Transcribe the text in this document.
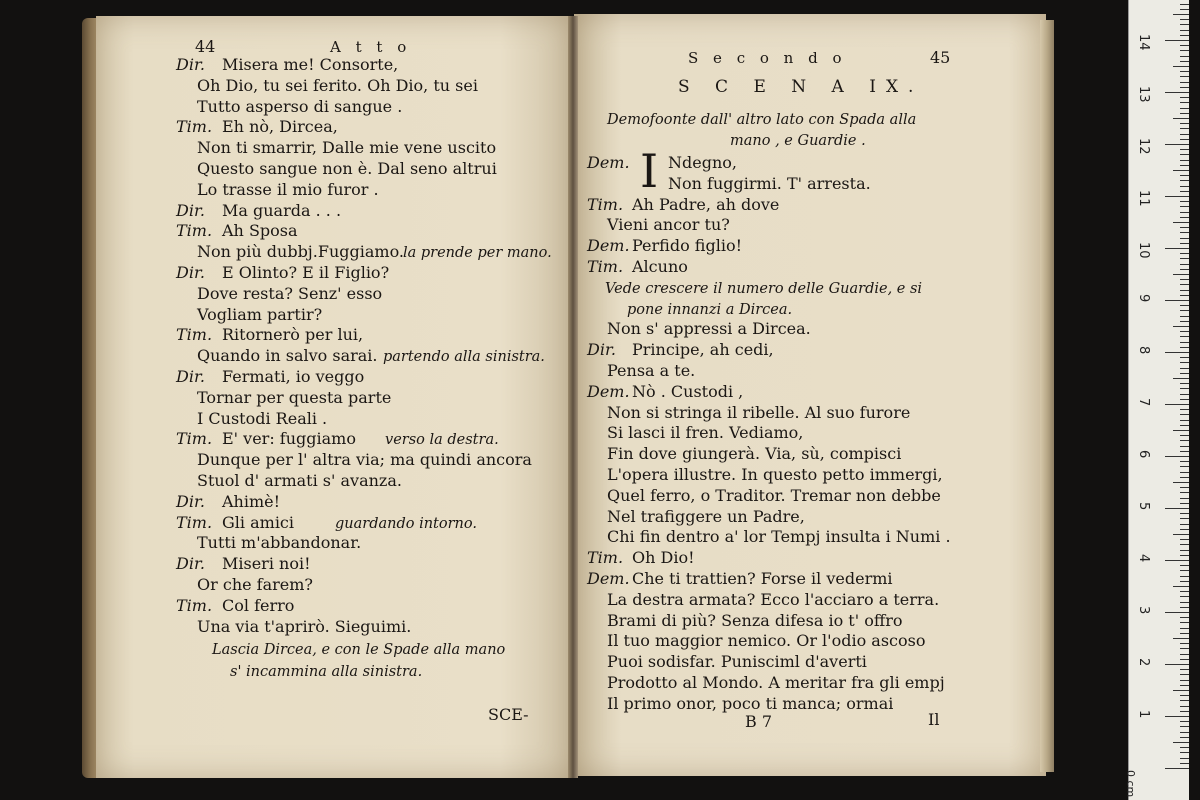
44	A t t o
Dir. Misera me! Consorte,
Oh Dio, tu sei ferito. Oh Dio, tu sei
Tutto asperso di sangue .
Tim. Eh nò, Dircea,
Non ti smarrir, Dalle mie vene uscito
Questo sangue non è. Dal seno altrui
Lo trasse il mio furor .
Dir. Ma guarda . . .
Tim. Ah Sposa
Non più dubbj.Fuggiamo.
la prende per mano.
Dir. E Olinto? E il Figlio?
Dove resta? Senz' esso
Vogliam partir?
Tim. Ritornerò per lui,
Quando in salvo sarai. partendo alla sinistra.
Dir. Fermati, io veggo
Tornar per questa parte
I Custodi Reali .
Tim. E' ver: fuggiamo verso la destra.
Dunque per l' altra via; ma quindi ancora
Stuol d' armati s' avanza.
Dir. Ahimè!
Tim. Gli amici	guardando intorno.
Tutti m'abbandonar.
Dir. Miseri noi!
Or che farem?
Tim. Col ferro
Una via t'aprirò. Sieguimi.
Lascia Dircea, e con le Spade alla mano
s' incammina alla sinistra.
SCE-
S e c o n d o	45
S C E N A IX.
Demofoonte dall' altro lato con Spada alla
mano , e Guardie .
I
Dem. Ndegno,
Non fuggirmi. T' arresta.
Tim. Ah Padre, ah dove
Vieni ancor tu?
Dem. Perfido figlio!
Tim. Alcuno
Vede crescere il numero delle Guardie, e si
pone innanzi a Dircea.
Non s' appressi a Dircea.
Dir. Principe, ah cedi,
Pensa a te.
Dem. Nò . Custodi ,
Non si stringa il ribelle. Al suo furore
Si lasci il fren. Vediamo,
Fin dove giungerà. Via, sù, compisci
L'opera illustre. In questo petto immergi,
Quel ferro, o Traditor. Tremar non debbe
Nel trafiggere un Padre,
Chi fin dentro a' lor Tempj insulta i Numi .
Tim. Oh Dio!
Dem. Che ti trattien? Forse il vedermi
La destra armata? Ecco l'acciaro a terra.
Brami di più? Senza difesa io t' offro
Il tuo maggior nemico. Or l'odio ascoso
Puoi sodisfar. Punisciml d'averti
Prodotto al Mondo. A meritar fra gli empj
Il primo onor, poco ti manca; ormai
B 7	Il	1
2
3
4
5
6
7
8
9
10
11
12
13
14
0 cm
